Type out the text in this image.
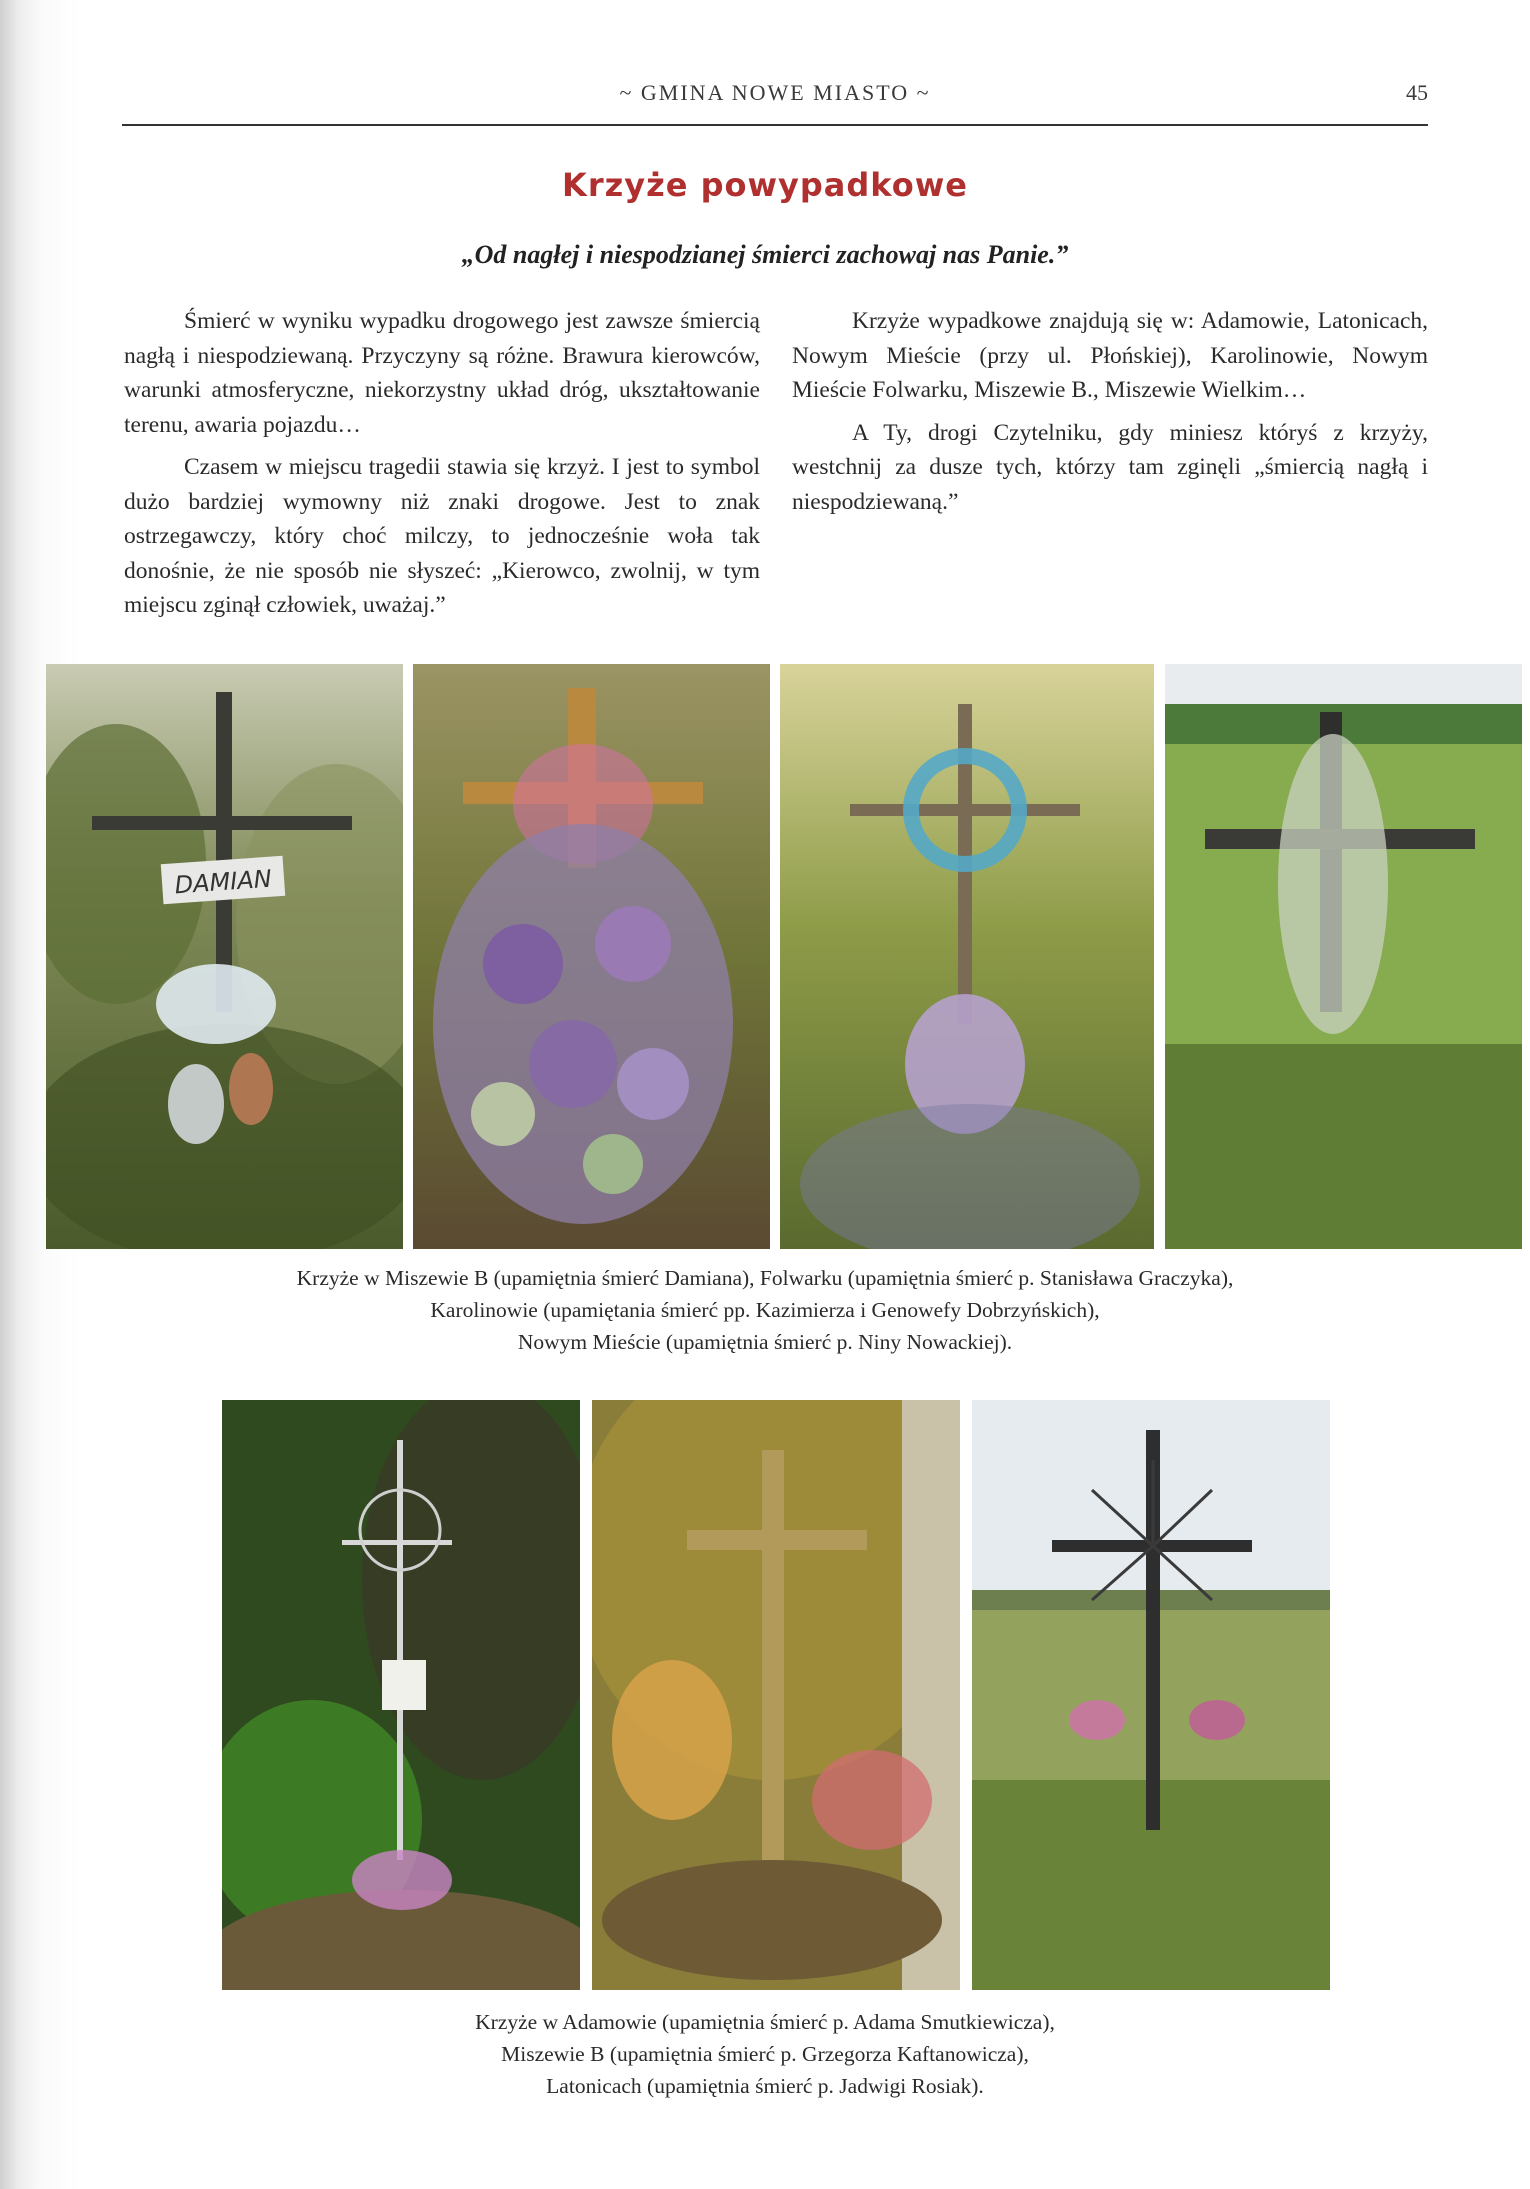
~ GMINA NOWE MIASTO ~	45
Krzyże powypadkowe
„Od nagłej i niespodzianej śmierci zachowaj nas Panie.”

Śmierć w wyniku wypadku drogowego jest zawsze śmiercią nagłą i niespodziewaną. Przyczyny są różne. Brawura kierowców, warunki atmosferyczne, niekorzystny układ dróg, ukształtowanie terenu, awaria pojazdu…

Czasem w miejscu tragedii stawia się krzyż. I jest to symbol dużo bardziej wymowny niż znaki drogowe. Jest to znak ostrzegawczy, który choć milczy, to jednocześnie woła tak donośnie, że nie sposób nie słyszeć: „Kierowco, zwolnij, w tym miejscu zginął człowiek, uważaj.”

Krzyże wypadkowe znajdują się w: Adamowie, Latonicach, Nowym Mieście (przy ul. Płońskiej), Karolinowie, Nowym Mieście Folwarku, Miszewie B., Miszewie Wielkim…

A Ty, drogi Czytelniku, gdy miniesz któryś z krzyży, westchnij za dusze tych, którzy tam zginęli „śmiercią nagłą i niespodziewaną.”

DAMIAN
Krzyże w Miszewie B (upamiętnia śmierć Damiana), Folwarku (upamiętnia śmierć p. Stanisława Graczyka),
Karolinowie (upamiętania śmierć pp. Kazimierza i Genowefy Dobrzyńskich),
Nowym Mieście (upamiętnia śmierć p. Niny Nowackiej).
Krzyże w Adamowie (upamiętnia śmierć p. Adama Smutkiewicza),
Miszewie B (upamiętnia śmierć p. Grzegorza Kaftanowicza),
Latonicach (upamiętnia śmierć p. Jadwigi Rosiak).
